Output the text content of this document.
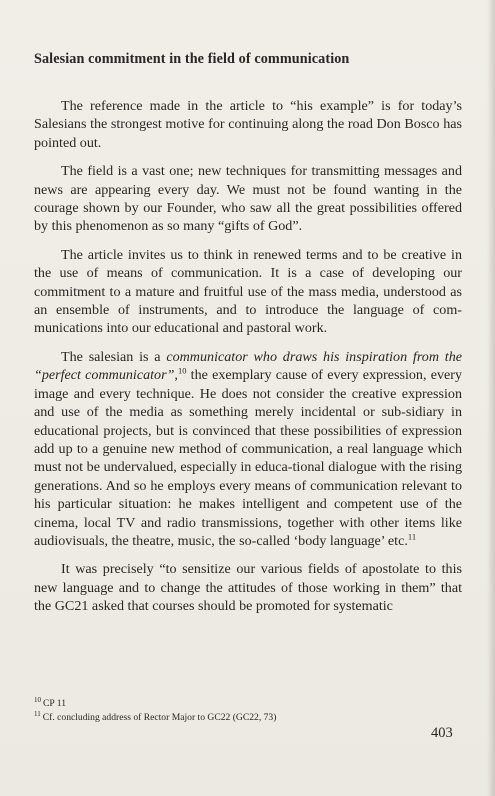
Salesian commitment in the field of communication

The reference made in the article to “his example” is for today’s Salesians the strongest motive for continuing along the road Don Bosco has pointed out.

The field is a vast one; new techniques for transmitting messages and news are appearing every day. We must not be found wanting in the courage shown by our Founder, who saw all the great possibilities offered by this phenomenon as so many “gifts of God”.

The article invites us to think in renewed terms and to be creative in the use of means of communication. It is a case of developing our commitment to a mature and fruitful use of the mass media, understood as an ensemble of instruments, and to introduce the language of com-munications into our educational and pastoral work.

The salesian is a communicator who draws his inspiration from the “perfect communicator”,$^{10}$ the exemplary cause of every expression, every image and every technique. He does not consider the creative expression and use of the media as something merely incidental or sub-sidiary in educational projects, but is convinced that these possibilities of expression add up to a genuine new method of communication, a real language which must not be undervalued, especially in educa-tional dialogue with the rising generations. And so he employs every means of communication relevant to his particular situation: he makes intelligent and competent use of the cinema, local TV and radio transmissions, together with other items like audiovisuals, the theatre, music, the so-called ‘body language’ etc.$^{11}$

It was precisely “to sensitize our various fields of apostolate to this new language and to change the attitudes of those working in them” that the GC21 asked that courses should be promoted for systematic

$^{10}$ CP 11
$^{11}$ Cf. concluding address of Rector Major to GC22 (GC22, 73)
403
